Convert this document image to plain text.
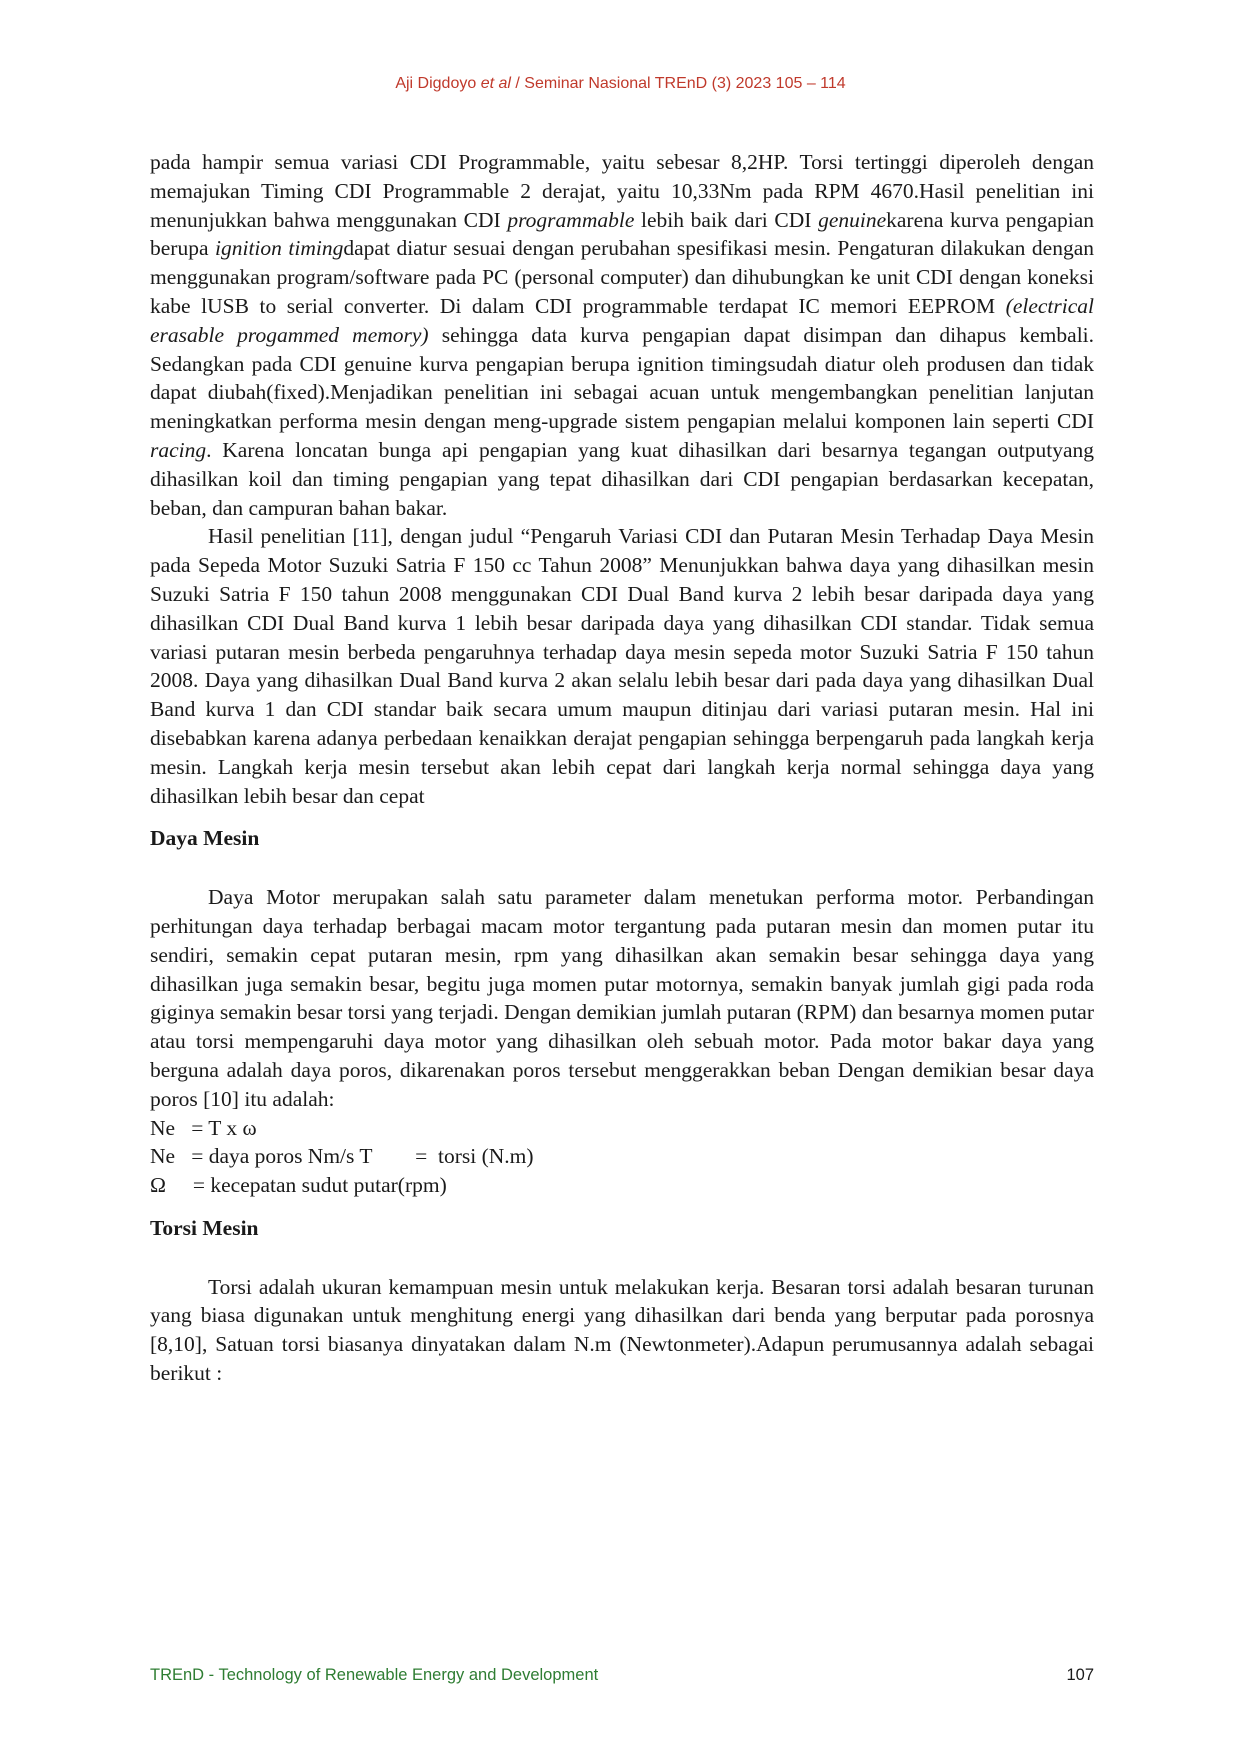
Aji Digdoyo et al / Seminar Nasional TREnD (3) 2023 105 – 114

pada hampir semua variasi CDI Programmable, yaitu sebesar 8,2HP. Torsi tertinggi diperoleh dengan memajukan Timing CDI Programmable 2 derajat, yaitu 10,33Nm pada RPM 4670.Hasil penelitian ini menunjukkan bahwa menggunakan CDI programmable lebih baik dari CDI genuinekarena kurva pengapian berupa ignition timingdapat diatur sesuai dengan perubahan spesifikasi mesin. Pengaturan dilakukan dengan menggunakan program/software pada PC (personal computer) dan dihubungkan ke unit CDI dengan koneksi kabe lUSB to serial converter. Di dalam CDI programmable terdapat IC memori EEPROM (electrical erasable progammed memory) sehingga data kurva pengapian dapat disimpan dan dihapus kembali. Sedangkan pada CDI genuine kurva pengapian berupa ignition timingsudah diatur oleh produsen dan tidak dapat diubah(fixed).Menjadikan penelitian ini sebagai acuan untuk mengembangkan penelitian lanjutan meningkatkan performa mesin dengan meng-upgrade sistem pengapian melalui komponen lain seperti CDI racing. Karena loncatan bunga api pengapian yang kuat dihasilkan dari besarnya tegangan outputyang dihasilkan koil dan timing pengapian yang tepat dihasilkan dari CDI pengapian berdasarkan kecepatan, beban, dan campuran bahan bakar.

Hasil penelitian [11], dengan judul “Pengaruh Variasi CDI dan Putaran Mesin Terhadap Daya Mesin pada Sepeda Motor Suzuki Satria F 150 cc Tahun 2008” Menunjukkan bahwa daya yang dihasilkan mesin Suzuki Satria F 150 tahun 2008 menggunakan CDI Dual Band kurva 2 lebih besar daripada daya yang dihasilkan CDI Dual Band kurva 1 lebih besar daripada daya yang dihasilkan CDI standar. Tidak semua variasi putaran mesin berbeda pengaruhnya terhadap daya mesin sepeda motor Suzuki Satria F 150 tahun 2008. Daya yang dihasilkan Dual Band kurva 2 akan selalu lebih besar dari pada daya yang dihasilkan Dual Band kurva 1 dan CDI standar baik secara umum maupun ditinjau dari variasi putaran mesin. Hal ini disebabkan karena adanya perbedaan kenaikkan derajat pengapian sehingga berpengaruh pada langkah kerja mesin. Langkah kerja mesin tersebut akan lebih cepat dari langkah kerja normal sehingga daya yang dihasilkan lebih besar dan cepat

Daya Mesin

Daya Motor merupakan salah satu parameter dalam menetukan performa motor. Perbandingan perhitungan daya terhadap berbagai macam motor tergantung pada putaran mesin dan momen putar itu sendiri, semakin cepat putaran mesin, rpm yang dihasilkan akan semakin besar sehingga daya yang dihasilkan juga semakin besar, begitu juga momen putar motornya, semakin banyak jumlah gigi pada roda giginya semakin besar torsi yang terjadi. Dengan demikian jumlah putaran (RPM) dan besarnya momen putar atau torsi mempengaruhi daya motor yang dihasilkan oleh sebuah motor. Pada motor bakar daya yang berguna adalah daya poros, dikarenakan poros tersebut menggerakkan beban Dengan demikian besar daya poros [10] itu adalah:

Ne   = T x ω

Ne   = daya poros Nm/s T        =  torsi (N.m)

Ω     = kecepatan sudut putar(rpm)

Torsi Mesin

Torsi adalah ukuran kemampuan mesin untuk melakukan kerja. Besaran torsi adalah besaran turunan yang biasa digunakan untuk menghitung energi yang dihasilkan dari benda yang berputar pada porosnya [8,10], Satuan torsi biasanya dinyatakan dalam N.m (Newtonmeter).Adapun perumusannya adalah sebagai berikut :

TREnD - Technology of Renewable Energy and Development	107
